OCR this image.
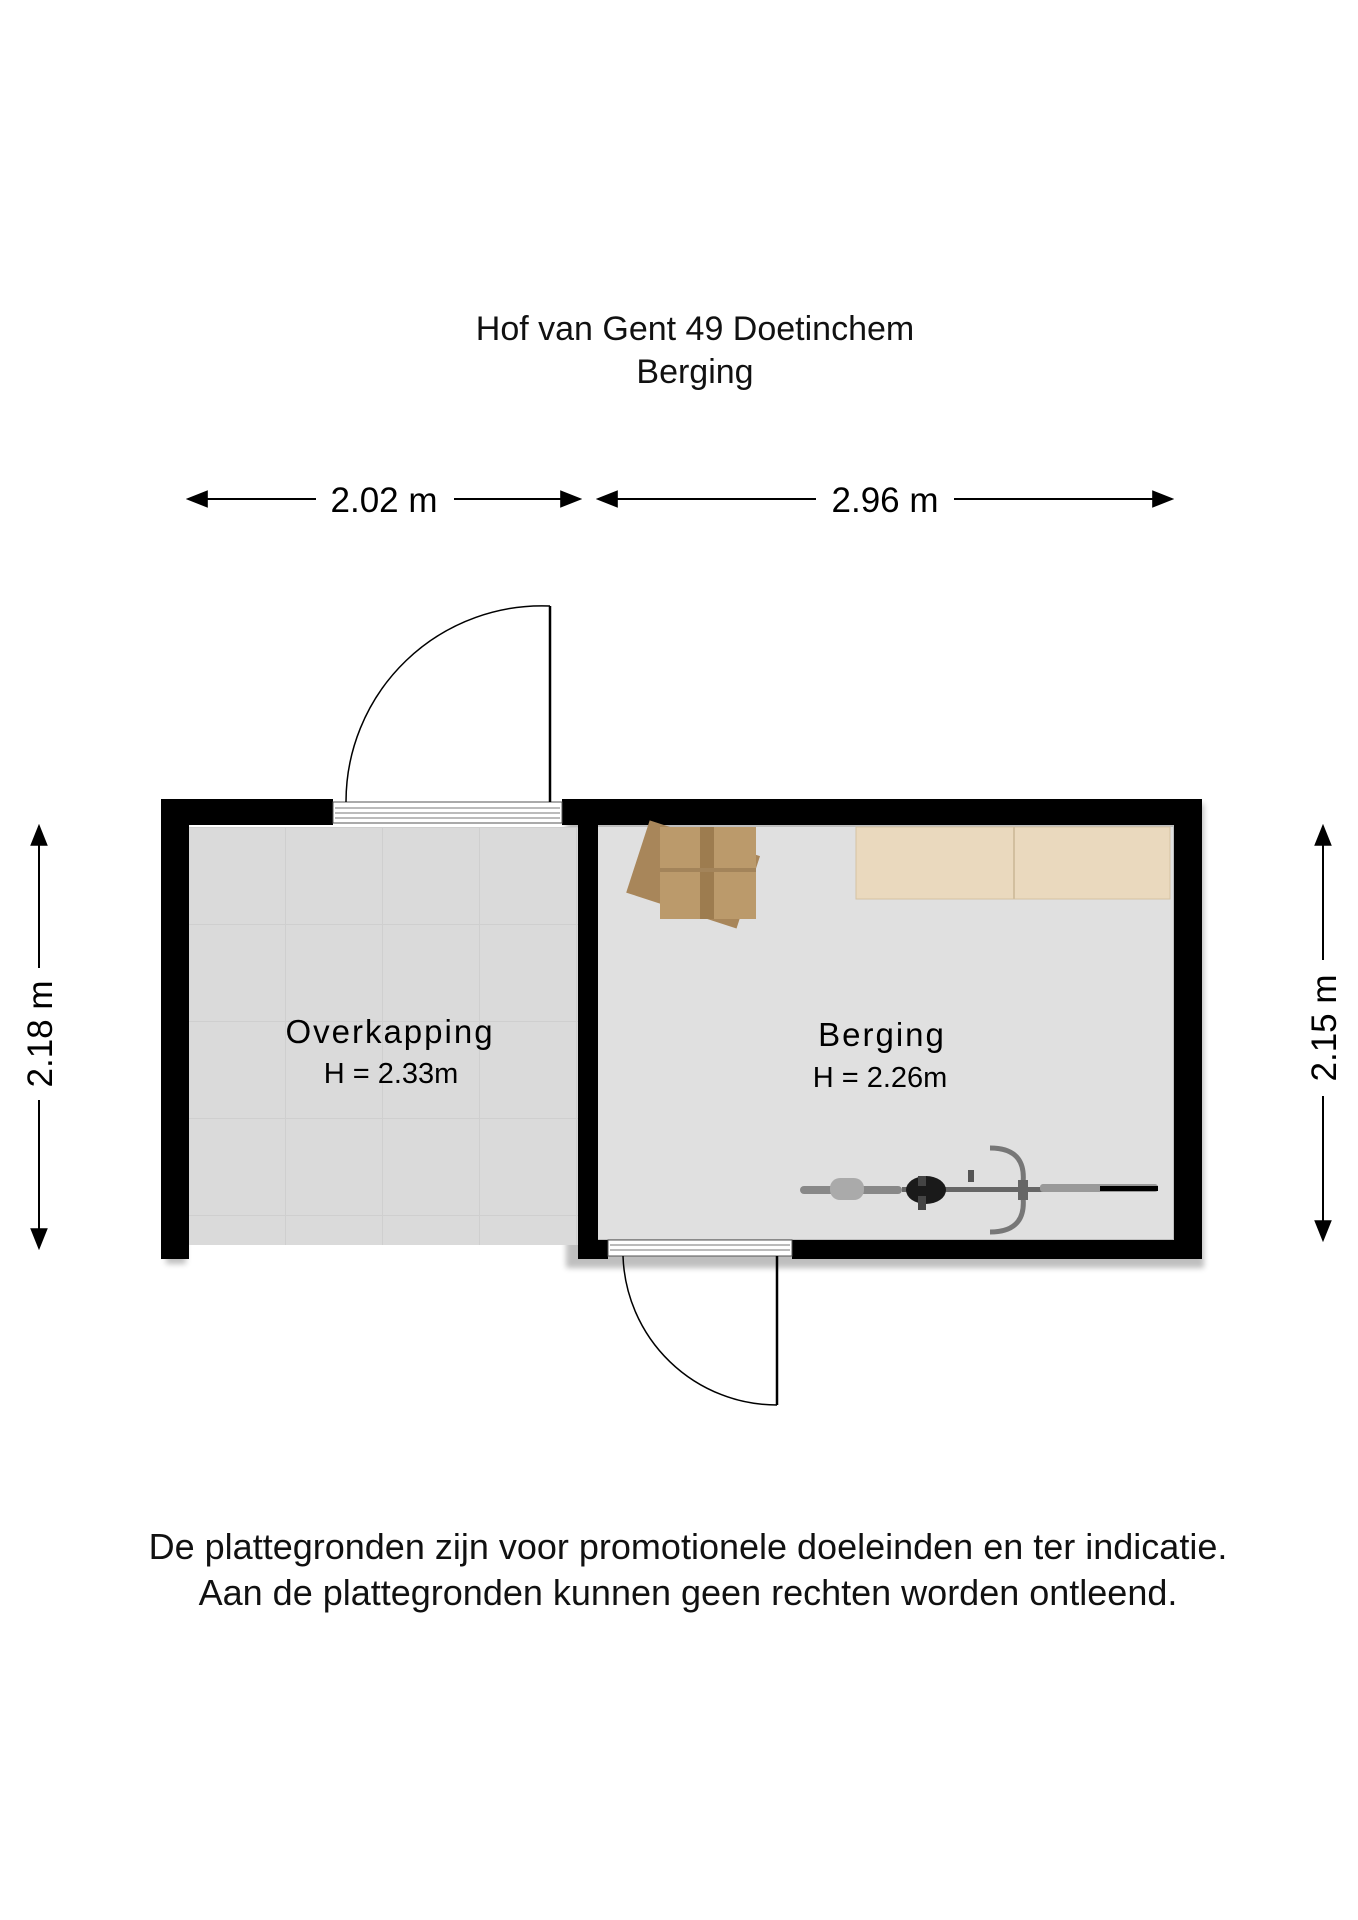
Hof van Gent 49 Doetinchem
Berging
2.02 m	2.96 m
2.18 m	2.15 m
Overkapping
H = 2.33m
Berging
H = 2.26m
De plattegronden zijn voor promotionele doeleinden en ter indicatie.
Aan de plattegronden kunnen geen rechten worden ontleend.
